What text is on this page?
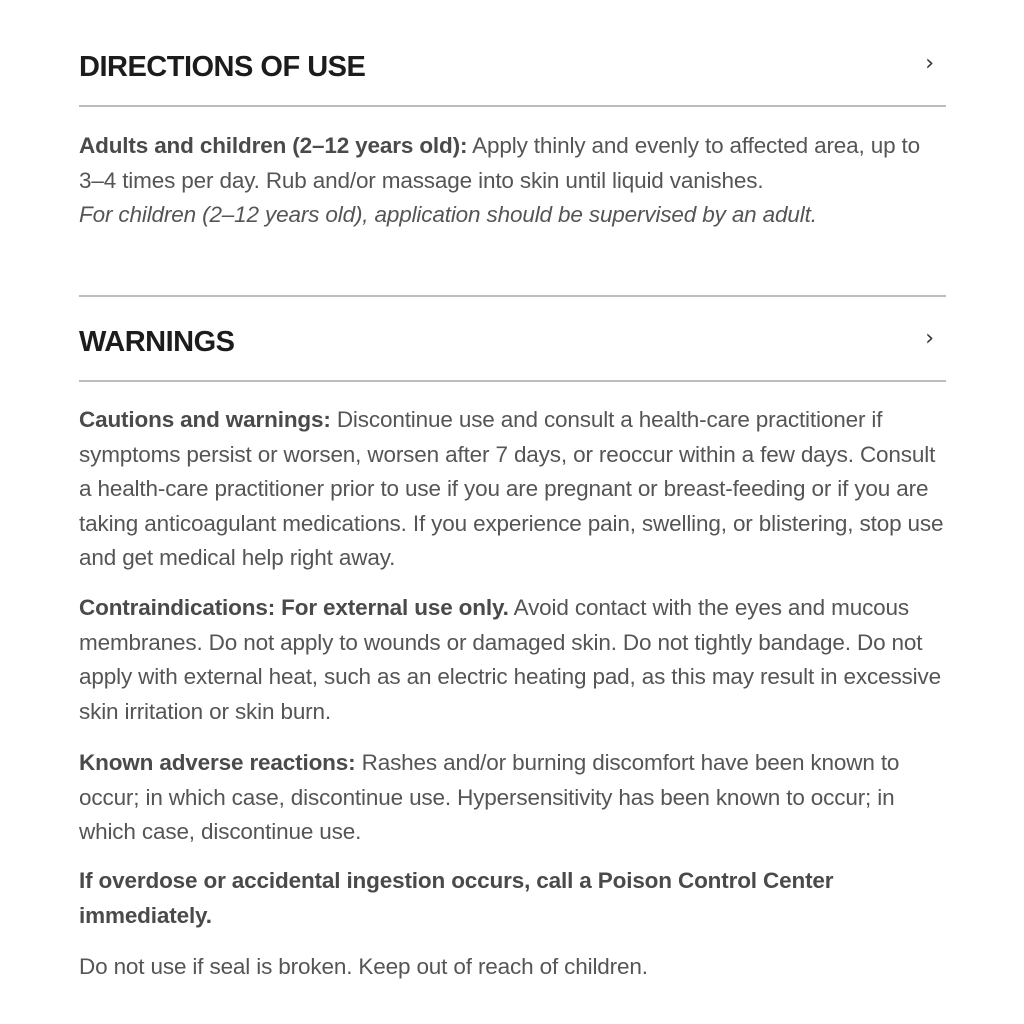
DIRECTIONS OF USE	›

Adults and children (2–12 years old): Apply thinly and evenly to affected area, up to 3–4 times per day. Rub and/or massage into skin until liquid vanishes.
For children (2–12 years old), application should be supervised by an adult.

WARNINGS	›

Cautions and warnings: Discontinue use and consult a health-care practitioner if symptoms persist or worsen, worsen after 7 days, or reoccur within a few days. Consult a health-care practitioner prior to use if you are pregnant or breast-feeding or if you are taking anticoagulant medications. If you experience pain, swelling, or blistering, stop use and get medical help right away.

Contraindications: For external use only. Avoid contact with the eyes and mucous membranes. Do not apply to wounds or damaged skin. Do not tightly bandage. Do not apply with external heat, such as an electric heating pad, as this may result in excessive skin irritation or skin burn.

Known adverse reactions: Rashes and/or burning discomfort have been known to occur; in which case, discontinue use. Hypersensitivity has been known to occur; in which case, discontinue use.

If overdose or accidental ingestion occurs, call a Poison Control Center immediately.

Do not use if seal is broken. Keep out of reach of children.
